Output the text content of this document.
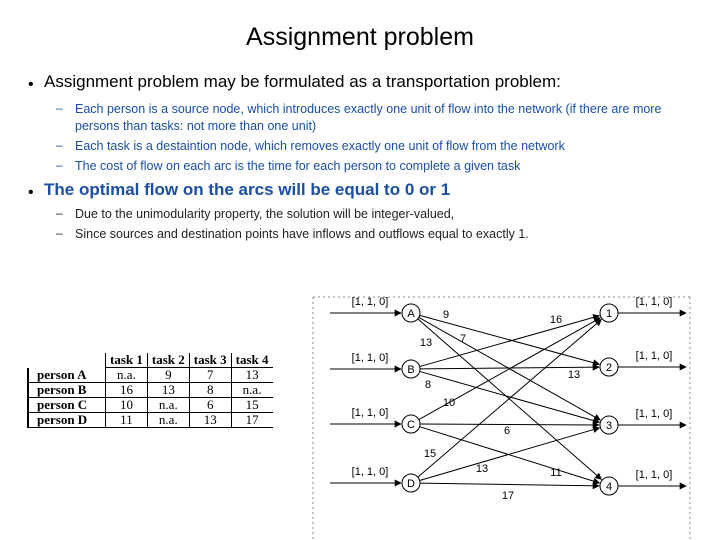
Assignment problem
• Assignment problem may be formulated as a transportation problem:
– Each person is a source node, which introduces exactly one unit of flow into the network (if there are more persons than tasks: not more than one unit)
– Each task is a destaintion node, which removes exactly one unit of flow from the network
– The cost of flow on each arc is the time for each person to complete a given task
• The optimal flow on the arcs will be equal to 0 or 1
– Due to the unimodularity property, the solution will be integer-valued,
– Since sources and destination points have inflows and outflows equal to exactly 1.
	task 1	task 2	task 3	task 4
person A	n.a.	9	7	13
person B	16	13	8	n.a.
person C	10	n.a.	6	15
person D	11	n.a.	13	17
9
7
13
16
13
8
10
6
15
11
13
17
[1, 1, 0]
A
[1, 1, 0]
B
[1, 1, 0]
C
[1, 1, 0]
D
[1, 1, 0]
1
[1, 1, 0]
2
[1, 1, 0]
3
[1, 1, 0]
4
